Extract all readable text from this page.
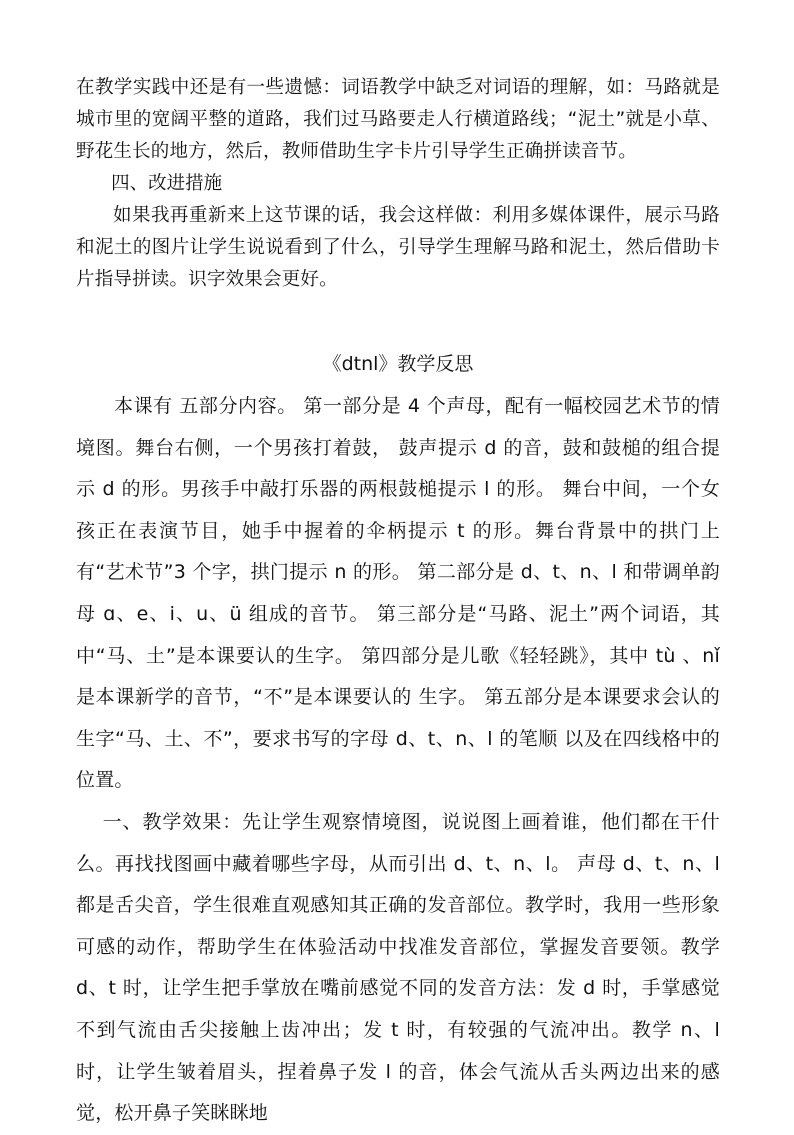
在教学实践中还是有一些遗憾：词语教学中缺乏对词语的理解，如：马路就是城市里的宽阔平整的道路，我们过马路要走人行横道路线；“泥土”就是小草、野花生长的地方，然后，教师借助生字卡片引导学生正确拼读音节。

四、改进措施

如果我再重新来上这节课的话，我会这样做：利用多媒体课件，展示马路和泥土的图片让学生说说看到了什么，引导学生理解马路和泥土，然后借助卡片指导拼读。识字效果会更好。

《dtnl》教学反思

本课有 五部分内容。 第一部分是 4 个声母，配有一幅校园艺术节的情境图。舞台右侧，一个男孩打着鼓， 鼓声提示 d 的音，鼓和鼓槌的组合提示 d 的形。男孩手中敲打乐器的两根鼓槌提示 l 的形。 舞台中间，一个女孩正在表演节目，她手中握着的伞柄提示 t 的形。舞台背景中的拱门上 有“艺术节”3 个字，拱门提示 n 的形。 第二部分是 d、t、n、l 和带调单韵母 ɑ、e、i、u、ü 组成的音节。 第三部分是“马路、泥土”两个词语，其中“马、土”是本课要认的生字。 第四部分是儿歌《轻轻跳》，其中 tù 、nǐ 是本课新学的音节，“不”是本课要认的 生字。 第五部分是本课要求会认的生字“马、土、不”，要求书写的字母 d、t、n、l 的笔顺 以及在四线格中的位置。

一、教学效果：先让学生观察情境图，说说图上画着谁，他们都在干什么。再找找图画中藏着哪些字母，从而引出 d、t、n、l。 声母 d、t、n、l 都是舌尖音，学生很难直观感知其正确的发音部位。教学时，我用一些形象可感的动作，帮助学生在体验活动中找准发音部位，掌握发音要领。教学 d、t 时，让学生把手掌放在嘴前感觉不同的发音方法：发 d 时，手掌感觉不到气流由舌尖接触上齿冲出；发 t 时，有较强的气流冲出。教学 n、l 时，让学生皱着眉头，捏着鼻子发 l 的音，体会气流从舌头两边出来的感觉，松开鼻子笑眯眯地
